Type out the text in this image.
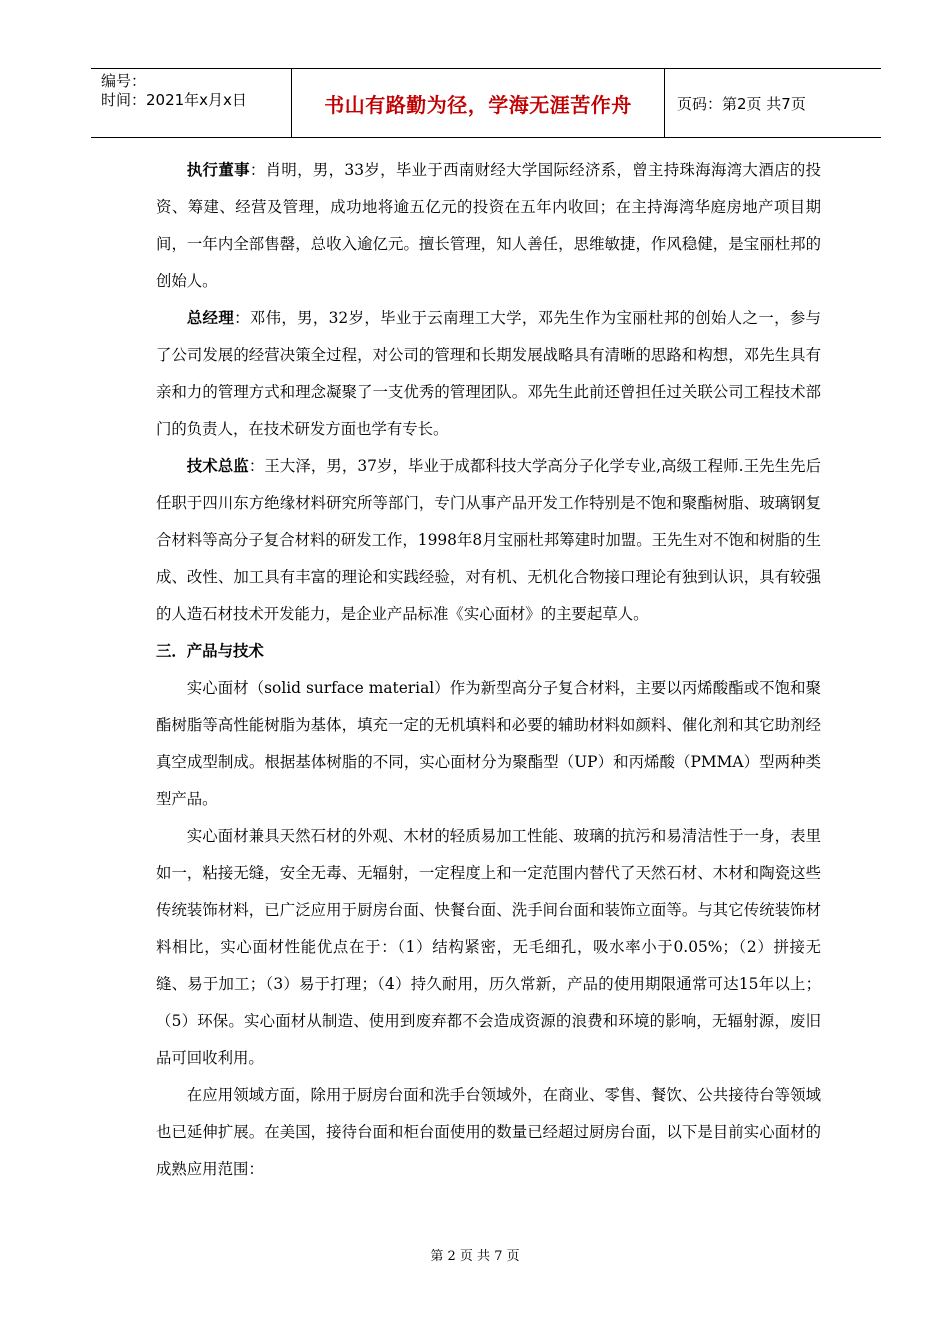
编号：
时间：2021年x月x日	书山有路勤为径，学海无涯苦作舟	页码：第2页 共7页

执行董事：肖明，男，33岁，毕业于西南财经大学国际经济系，曾主持珠海海湾大酒店的投资、筹建、经营及管理，成功地将逾五亿元的投资在五年内收回；在主持海湾华庭房地产项目期间，一年内全部售罄，总收入逾亿元。擅长管理，知人善任，思维敏捷，作风稳健，是宝丽杜邦的创始人。

总经理：邓伟，男，32岁，毕业于云南理工大学，邓先生作为宝丽杜邦的创始人之一，参与了公司发展的经营决策全过程，对公司的管理和长期发展战略具有清晰的思路和构想，邓先生具有亲和力的管理方式和理念凝聚了一支优秀的管理团队。邓先生此前还曾担任过关联公司工程技术部门的负责人，在技术研发方面也学有专长。

技术总监：王大泽，男，37岁，毕业于成都科技大学高分子化学专业,高级工程师.王先生先后任职于四川东方绝缘材料研究所等部门，专门从事产品开发工作特别是不饱和聚酯树脂、玻璃钢复合材料等高分子复合材料的研发工作，1998年8月宝丽杜邦筹建时加盟。王先生对不饱和树脂的生成、改性、加工具有丰富的理论和实践经验，对有机、无机化合物接口理论有独到认识，具有较强的人造石材技术开发能力，是企业产品标准《实心面材》的主要起草人。

三．产品与技术

实心面材（solid surface material）作为新型高分子复合材料，主要以丙烯酸酯或不饱和聚酯树脂等高性能树脂为基体，填充一定的无机填料和必要的辅助材料如颜料、催化剂和其它助剂经真空成型制成。根据基体树脂的不同，实心面材分为聚酯型（UP）和丙烯酸（PMMA）型两种类型产品。

实心面材兼具天然石材的外观、木材的轻质易加工性能、玻璃的抗污和易清洁性于一身，表里如一，粘接无缝，安全无毒、无辐射，一定程度上和一定范围内替代了天然石材、木材和陶瓷这些传统装饰材料，已广泛应用于厨房台面、快餐台面、洗手间台面和装饰立面等。与其它传统装饰材料相比，实心面材性能优点在于：（1）结构紧密，无毛细孔，吸水率小于0.05%；（2）拼接无缝、易于加工；（3）易于打理；（4）持久耐用，历久常新，产品的使用期限通常可达15年以上；（5）环保。实心面材从制造、使用到废弃都不会造成资源的浪费和环境的影响，无辐射源，废旧品可回收利用。

在应用领域方面，除用于厨房台面和洗手台领域外，在商业、零售、餐饮、公共接待台等领域也已延伸扩展。在美国，接待台面和柜台面使用的数量已经超过厨房台面，以下是目前实心面材的成熟应用范围：

第 2 页 共 7 页
